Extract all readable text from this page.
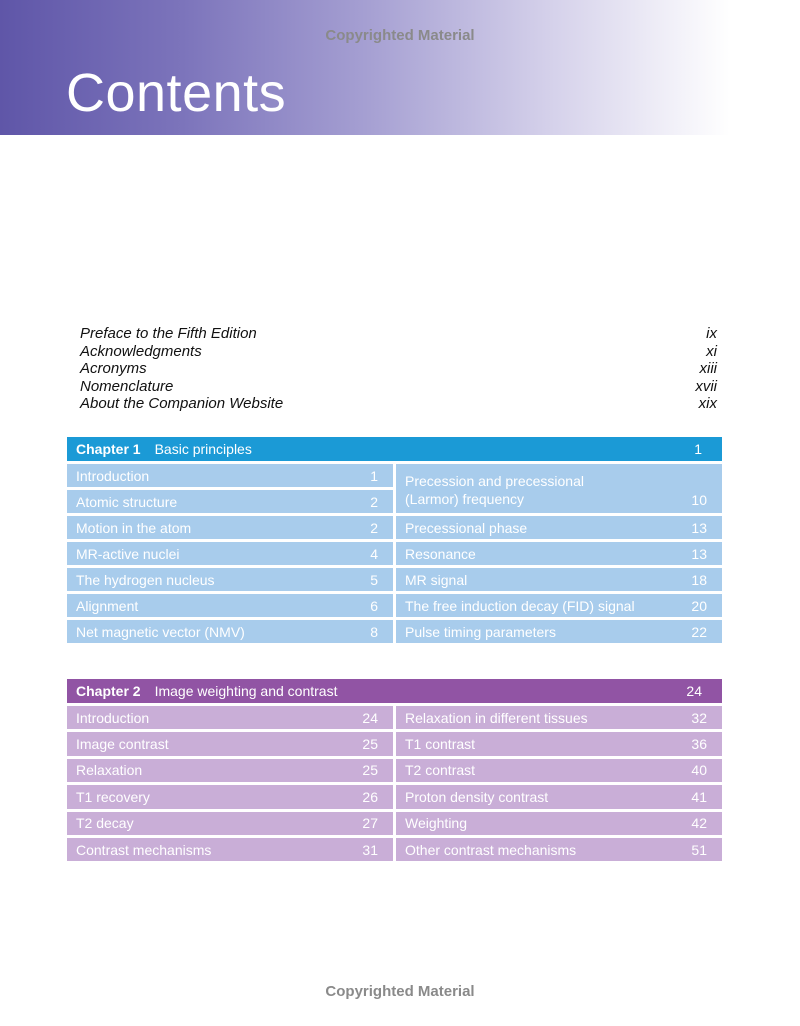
Copyrighted Material
Contents
Preface to the Fifth Edition	ix
Acknowledgments	xi
Acronyms	xiii
Nomenclature	xvii
About the Companion Website	xix
Chapter 1 Basic principles	1
Introduction	1
Atomic structure	2
Motion in the atom	2
MR-active nuclei	4
The hydrogen nucleus	5
Alignment	6
Net magnetic vector (NMV)	8
Precession and precessional
(Larmor) frequency	10
Precessional phase	13
Resonance	13
MR signal	18
The free induction decay (FID) signal	20
Pulse timing parameters	22
Chapter 2 Image weighting and contrast	24
Introduction	24
Image contrast	25
Relaxation	25
T1 recovery	26
T2 decay	27
Contrast mechanisms	31
Relaxation in different tissues	32
T1 contrast	36
T2 contrast	40
Proton density contrast	41
Weighting	42
Other contrast mechanisms	51
Copyrighted Material
